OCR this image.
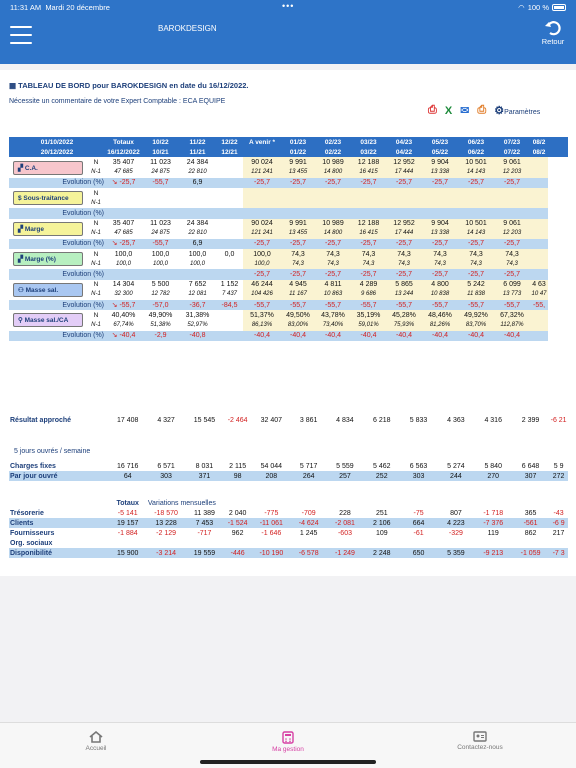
11:31 AM
Mardi 20 décembre	•••	◠ 100 %
BAROKDESIGN
Retour
▦ TABLEAU DE BORD pour BAROKDESIGN en date du 16/12/2022.
Nécessite un commentaire de votre Expert Comptable : ECA EQUIPE
⎙ X ✉ ⎙ ⚙Paramètres
01/10/2022		Totaux	10/22	11/22	12/22	A venir *	01/23	02/23	03/23	04/23	05/23	06/23	07/23	08/2	
20/12/2022		16/12/2022	10/21	11/21	12/21		01/22	02/22	03/22	04/22	05/22	06/22	07/22	08/2	
▞ C.A.	N	35 407	11 023	24 384		90 024	9 991	10 989	12 188	12 952	9 904	10 501	9 061		
	N-1	47 685	24 875	22 810		121 241	13 455	14 800	16 415	17 444	13 338	14 143	12 203		
Evolution (%)		↘ -25,7	-55,7	6,9		-25,7	-25,7	-25,7	-25,7	-25,7	-25,7	-25,7	-25,7		
$ Sous-traitance	N														
	N-1														
Evolution (%)															
▞ Marge	N	35 407	11 023	24 384		90 024	9 991	10 989	12 188	12 952	9 904	10 501	9 061		
	N-1	47 685	24 875	22 810		121 241	13 455	14 800	16 415	17 444	13 338	14 143	12 203		
Evolution (%)		↘ -25,7	-55,7	6,9		-25,7	-25,7	-25,7	-25,7	-25,7	-25,7	-25,7	-25,7		
▞ Marge (%)	N	100,0	100,0	100,0	0,0	100,0	74,3	74,3	74,3	74,3	74,3	74,3	74,3		
	N-1	100,0	100,0	100,0		100,0	74,3	74,3	74,3	74,3	74,3	74,3	74,3		
Evolution (%)						-25,7	-25,7	-25,7	-25,7	-25,7	-25,7	-25,7	-25,7		
⚇ Masse sal.	N	14 304	5 500	7 652	1 152	46 244	4 945	4 811	4 289	5 865	4 800	5 242	6 099	4 63	
	N-1	32 300	12 782	12 081	7 437	104 426	11 167	10 863	9 686	13 244	10 838	11 838	13 773	10 47	
Evolution (%)		↘ -55,7	-57,0	-36,7	-84,5	-55,7	-55,7	-55,7	-55,7	-55,7	-55,7	-55,7	-55,7	-55,	
⚲ Masse sal./CA	N	40,40%	49,90%	31,38%		51,37%	49,50%	43,78%	35,19%	45,28%	48,46%	49,92%	67,32%		
	N-1	67,74%	51,38%	52,97%		86,13%	83,00%	73,40%	59,01%	75,93%	81,26%	83,70%	112,87%		
Evolution (%)		↘ -40,4	-2,9	-40,8		-40,4	-40,4	-40,4	-40,4	-40,4	-40,4	-40,4	-40,4		
Résultat approché	17 408	4 327	15 545	-2 464	32 407	3 861	4 834	6 218	5 833	4 363	4 316	2 399	-6 21
5 jours ouvrés / semaine
Charges fixes	16 716	6 571	8 031	2 115	54 044	5 717	5 559	5 462	6 563	5 274	5 840	6 648	5 9
Par jour ouvré	64	303	371	98	208	264	257	252	303	244	270	307	272
	Totaux	Variations mensuelles											
Trésorerie	-5 141	-18 570	11 389	2 040	-775	-709	228	251	-75	807	-1 718	365	-43
Clients	19 157	13 228	7 453	-1 524	-11 061	-4 624	-2 081	2 106	664	4 223	-7 376	-561	-6 9
Fournisseurs	-1 884	-2 129	-717	962	-1 646	1 245	-603	109	-61	-329	119	862	217
Org. sociaux													
Disponibilité	15 900	-3 214	19 559	-446	-10 190	-6 578	-1 249	2 248	650	5 359	-9 213	-1 059	-7 3
Accueil	Ma gestion	Contactez-nous
